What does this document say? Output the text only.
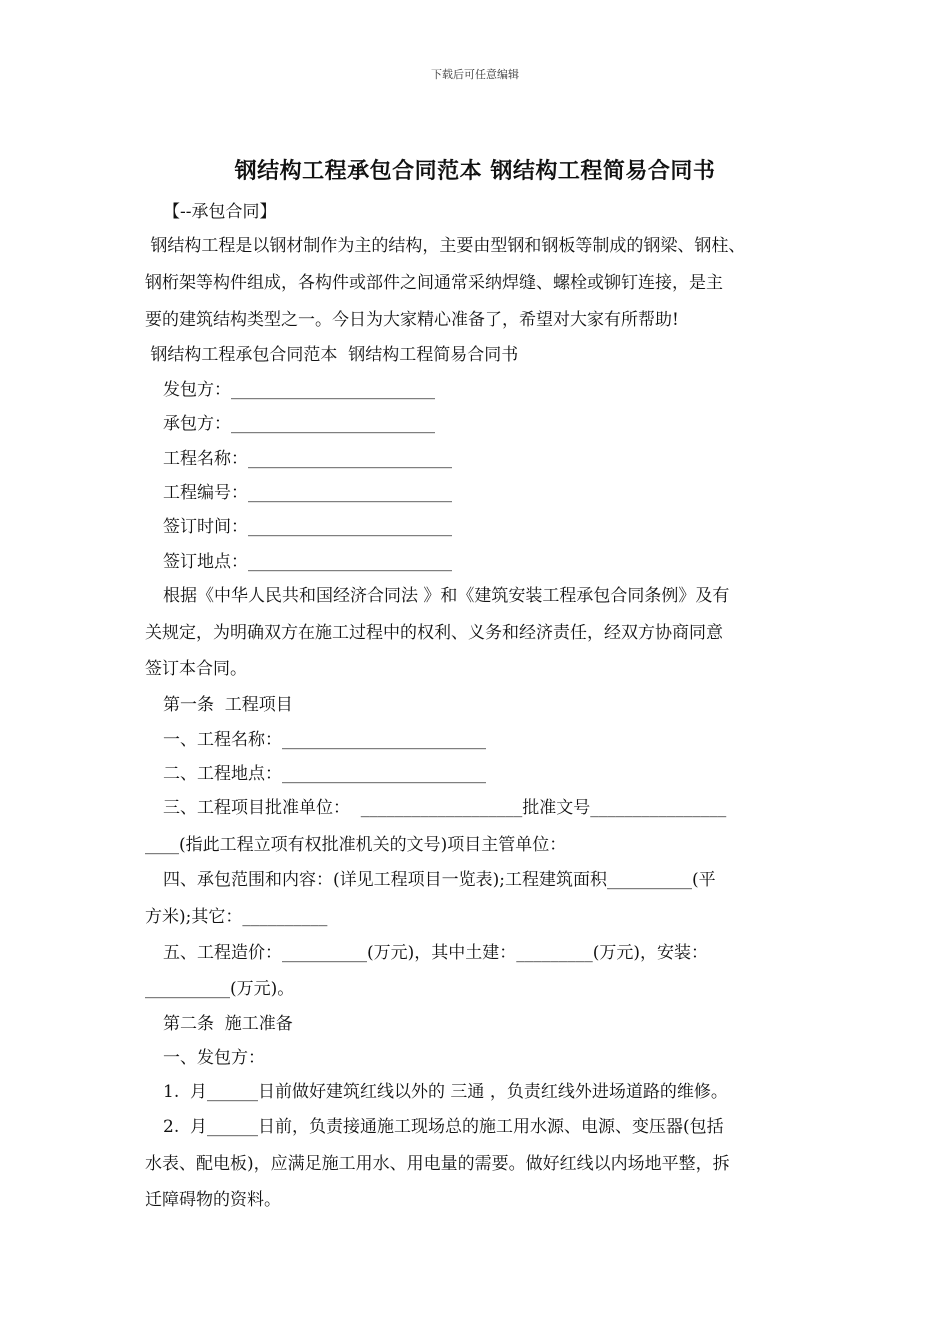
下载后可任意编辑
钢结构工程承包合同范本 钢结构工程简易合同书
【--承包合同】
钢结构工程是以钢材制作为主的结构，主要由型钢和钢板等制成的钢梁、钢柱、
钢桁架等构件组成，各构件或部件之间通常采纳焊缝、螺栓或铆钉连接，是主
要的建筑结构类型之一。今日为大家精心准备了，希望对大家有所帮助!
钢结构工程承包合同范本  钢结构工程简易合同书
发包方：________________________
承包方：________________________
工程名称：________________________
工程编号：________________________
签订时间：________________________
签订地点：________________________
根据《中华人民共和国经济合同法 》和《建筑安装工程承包合同条例》及有
关规定，为明确双方在施工过程中的权利、义务和经济责任，经双方协商同意
签订本合同。
第一条  工程项目
一、工程名称：________________________
二、工程地点：________________________
三、工程项目批准单位：  ___________________批准文号________________
____(指此工程立项有权批准机关的文号)项目主管单位：
四、承包范围和内容：(详见工程项目一览表);工程建筑面积__________(平
方米);其它：__________
五、工程造价：__________(万元)，其中土建：_________(万元)，安装：
__________(万元)。
第二条  施工准备
一、发包方：
1.  月______日前做好建筑红线以外的 三通 ，负责红线外进场道路的维修。
2.  月______日前，负责接通施工现场总的施工用水源、电源、变压器(包括
水表、配电板)，应满足施工用水、用电量的需要。做好红线以内场地平整，拆
迁障碍物的资料。
